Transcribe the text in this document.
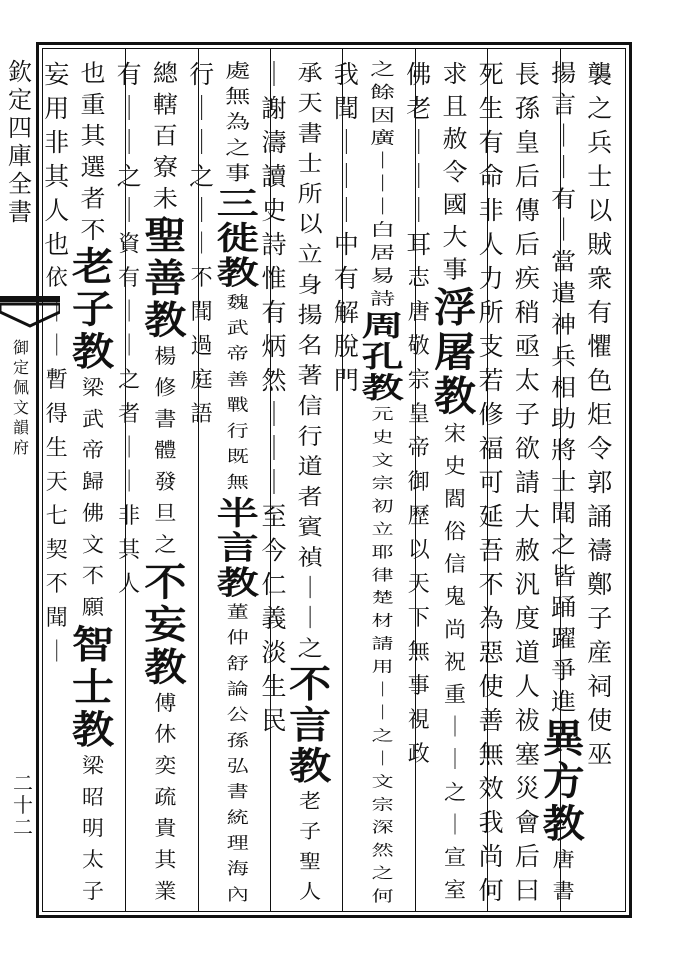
欽
定
四
庫
全
書
御
定
佩
文
韻
府
二
十
二
襲
之
兵
士
以
賊
衆
有
懼
色
炬
令
郭
誦
禱
鄭
子
産
祠
使
巫
揚
言
｜
｜
有
｜
當
遣
神
兵
相
助
將
士
聞
之
皆
踊
躍
爭
進
異
方
教
唐
書
長
孫
皇
后
傳
后
疾
稍
亟
太
子
欲
請
大
赦
汎
度
道
人
祓
塞
災
會
后
曰
死
生
有
命
非
人
力
所
支
若
修
福
可
延
吾
不
為
惡
使
善
無
效
我
尚
何
求
且
赦
令
國
大
事
浮
屠
教
宋
史
閻
俗
信
鬼
尚
祝
重
｜
｜
之
｜
宣
室
佛
老
｜
｜
｜
耳
志
唐
敬
宗
皇
帝
御
歷
以
天
下
無
事
視
政
之
餘
因
廣
｜
｜
｜
白
居
易
詩
周
孔
教
元
史
文
宗
初
立
耶
律
楚
材
請
用
｜
｜
之
｜
文
宗
深
然
之
何
我
聞
｜
｜
｜
中
有
解
脫
門
承
天
書
士
所
以
立
身
揚
名
著
信
行
道
者
賓
禎
｜
｜
之
不
言
教
老
子
聖
人
｜
謝
濤
讀
史
詩
惟
有
炳
然
｜
｜
｜
至
今
仁
義
淡
生
民
處
無
為
之
事
三
徙
教
魏
武
帝
善
戰
行
既
無
半
言
教
董
仲
舒
論
公
孫
弘
書
統
理
海
內
行
｜
｜
之
｜
｜
不
聞
過
庭
語
總
轄
百
寮
未
聖
善
教
楊
修
書
體
發
旦
之
不
妄
教
傅
休
奕
疏
貴
其
業
有
｜
｜
之
｜
資
有
｜
｜
之
者
｜
｜
非
其
人
也
重
其
選
者
不
老
子
教
梁
武
帝
歸
佛
文
不
願
智
士
教
梁
昭
明
太
子
妄
用
非
其
人
也
依
｜
｜
暫
得
生
天
七
契
不
聞
｜
